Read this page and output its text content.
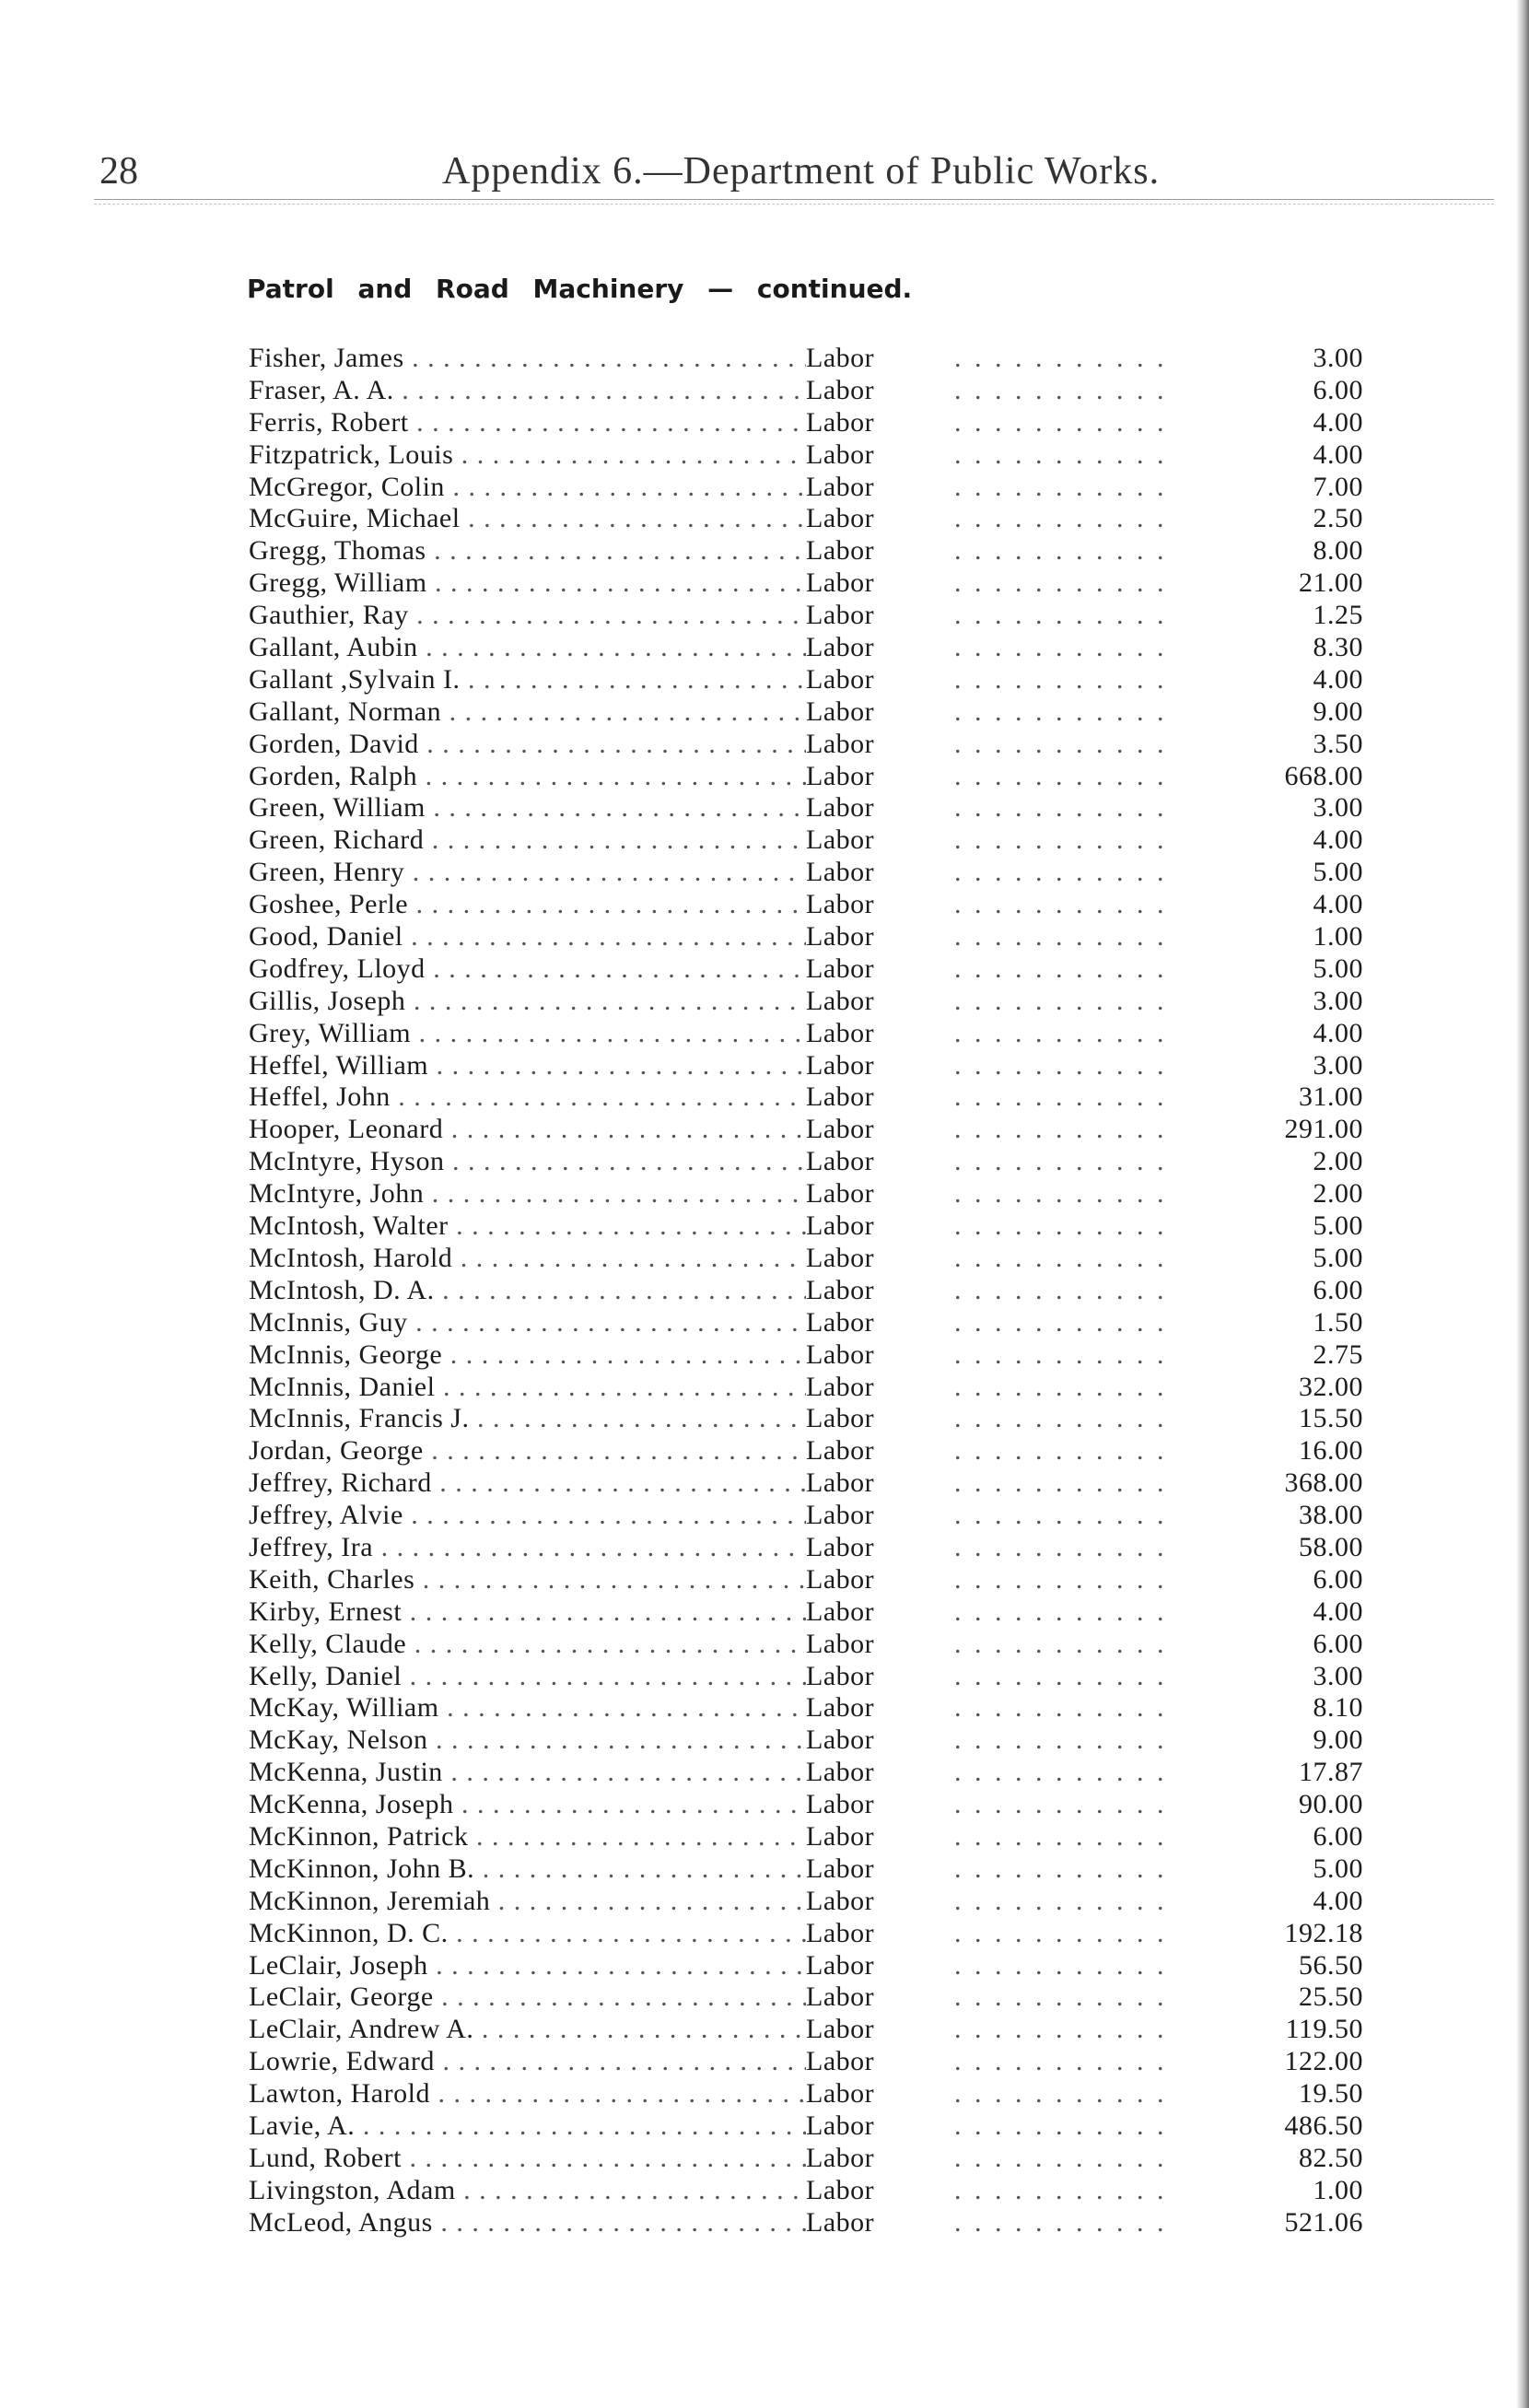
28	Appendix 6.—Department of Public Works.
Patrol and Road Machinery — continued.
Fisher, James . . .	Labor . . .	3.00
Fraser, A. A. . . .	Labor . . .	6.00
Ferris, Robert . . .	Labor . . .	4.00
Fitzpatrick, Louis . . .	Labor . . .	4.00
McGregor, Colin . . .	Labor . . .	7.00
McGuire, Michael . . .	Labor . . .	2.50
Gregg, Thomas . . .	Labor . . .	8.00
Gregg, William . . .	Labor . . .	21.00
Gauthier, Ray . . .	Labor . . .	1.25
Gallant, Aubin . . .	Labor . . .	8.30
Gallant ,Sylvain I. . . .	Labor . . .	4.00
Gallant, Norman . . .	Labor . . .	9.00
Gorden, David . . .	Labor . . .	3.50
Gorden, Ralph . . .	Labor . . .	668.00
Green, William . . .	Labor . . .	3.00
Green, Richard . . .	Labor . . .	4.00
Green, Henry . . .	Labor . . .	5.00
Goshee, Perle . . .	Labor . . .	4.00
Good, Daniel . . .	Labor . . .	1.00
Godfrey, Lloyd . . .	Labor . . .	5.00
Gillis, Joseph . . .	Labor . . .	3.00
Grey, William . . .	Labor . . .	4.00
Heffel, William . . .	Labor . . .	3.00
Heffel, John . . .	Labor . . .	31.00
Hooper, Leonard . . .	Labor . . .	291.00
McIntyre, Hyson . . .	Labor . . .	2.00
McIntyre, John . . .	Labor . . .	2.00
McIntosh, Walter . . .	Labor . . .	5.00
McIntosh, Harold . . .	Labor . . .	5.00
McIntosh, D. A. . . .	Labor . . .	6.00
McInnis, Guy . . .	Labor . . .	1.50
McInnis, George . . .	Labor . . .	2.75
McInnis, Daniel . . .	Labor . . .	32.00
McInnis, Francis J. . . .	Labor . . .	15.50
Jordan, George . . .	Labor . . .	16.00
Jeffrey, Richard . . .	Labor . . .	368.00
Jeffrey, Alvie . . .	Labor . . .	38.00
Jeffrey, Ira . . .	Labor . . .	58.00
Keith, Charles . . .	Labor . . .	6.00
Kirby, Ernest . . .	Labor . . .	4.00
Kelly, Claude . . .	Labor . . .	6.00
Kelly, Daniel . . .	Labor . . .	3.00
McKay, William . . .	Labor . . .	8.10
McKay, Nelson . . .	Labor . . .	9.00
McKenna, Justin . . .	Labor . . .	17.87
McKenna, Joseph . . .	Labor . . .	90.00
McKinnon, Patrick . . .	Labor . . .	6.00
McKinnon, John B. . . .	Labor . . .	5.00
McKinnon, Jeremiah . . .	Labor . . .	4.00
McKinnon, D. C. . . .	Labor . . .	192.18
LeClair, Joseph . . .	Labor . . .	56.50
LeClair, George . . .	Labor . . .	25.50
LeClair, Andrew A. . . .	Labor . . .	119.50
Lowrie, Edward . . .	Labor . . .	122.00
Lawton, Harold . . .	Labor . . .	19.50
Lavie, A. . . .	Labor . . .	486.50
Lund, Robert . . .	Labor . . .	82.50
Livingston, Adam . . .	Labor . . .	1.00
McLeod, Angus . . .	Labor . . .	521.06
